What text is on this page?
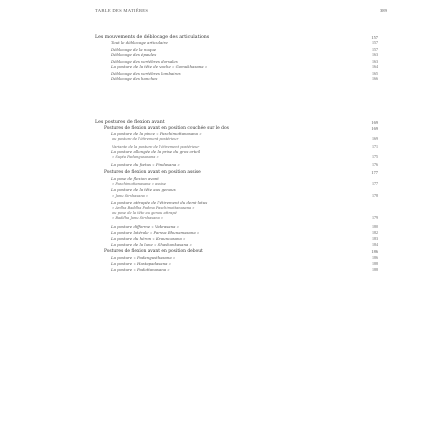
TABLE DES MATIÈRES	389
Les mouvements de déblocage des articulations	157
Tout le déblocage articulaire	157
Déblocage de la nuque	157
Déblocage des épaules	163
Déblocage des vertèbres dorsales	163
La posture de la tête de vache « Gomukhasana »	164
Déblocage des vertèbres lombaires	165
Déblocage des hanches	166
Les postures de flexion avant	169
Postures de flexion avant en position couchée sur le dos	169
La posture de la pince « Paschimottanasana »
ou posture de l'étirement postérieur	169
Variante de la posture de l'étirement postérieur	171
La posture allongée de la prise du gros orteil
« Supta Padangusasana »	175
La posture du fœtus « Pindasana »	176
Postures de flexion avant en position assise	177
La pose de flexion avant
« Paschimottanasana » assise	177
La posture de la tête aux genoux
« Janu Sirshasana »	178
La posture attrapée de l'étirement du demi-lotus
« Ardha Baddha Padma Paschimottanasana »
ou pose de la tête au genou attrapé
« Baddha Janu Sirshasana »	179
La posture difforme « Vakrasana »	180
La posture latérale « Parsva Bhunamasana »	182
La posture du héron « Krauncasana »	183
La posture de la lune « Shashankasana »	184
Postures de flexion avant en position debout	186
La posture « Padangusthasana »	186
La posture « Hastapadasana »	188
La posture « Padottanasana »	188
